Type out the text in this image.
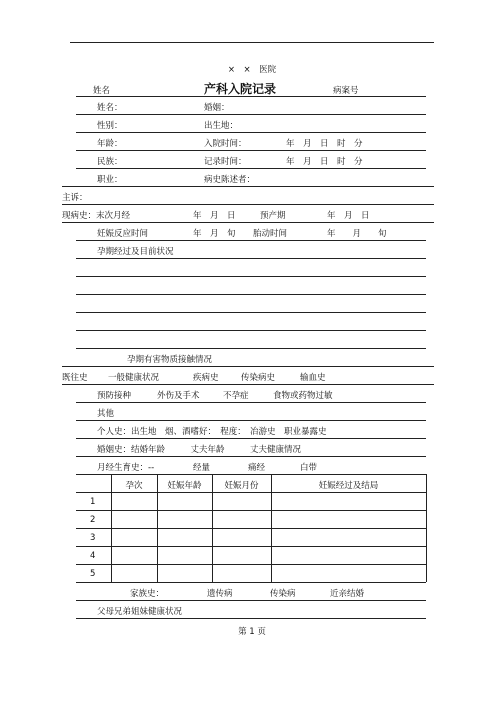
×　×　医院
姓名	产科入院记录	病案号
姓名：	婚姻：
性别：	出生地：
年龄：	入院时间：	年　月　日　时　分
民族：	记录时间：	年　月　日　时　分
职业：	病史陈述者：
主诉：
现病史：末次月经	年　月　日	预产期	年　月　日
妊娠反应时间	年　月　旬 胎动时间	年　　月　　旬
孕期经过及目前状况
孕期有害物质接触情况
既往史 一般健康状况	疾病史	传染病史	输血史
预防接种	外伤及手术	不孕症	食物或药物过敏
其他
个人史：出生地　烟、酒嗜好：　程度：　冶游史　职业暴露史
婚姻史：结婚年龄　　　丈夫年龄　　　丈夫健康情况
月经生育史：--	经量	痛经	白带
孕次	妊娠年龄	妊娠月份	妊娠经过及结局
1
2
3
4
5
家族史：	遗传病	传染病	近亲结婚
父母兄弟姐妹健康状况
第 1 页
